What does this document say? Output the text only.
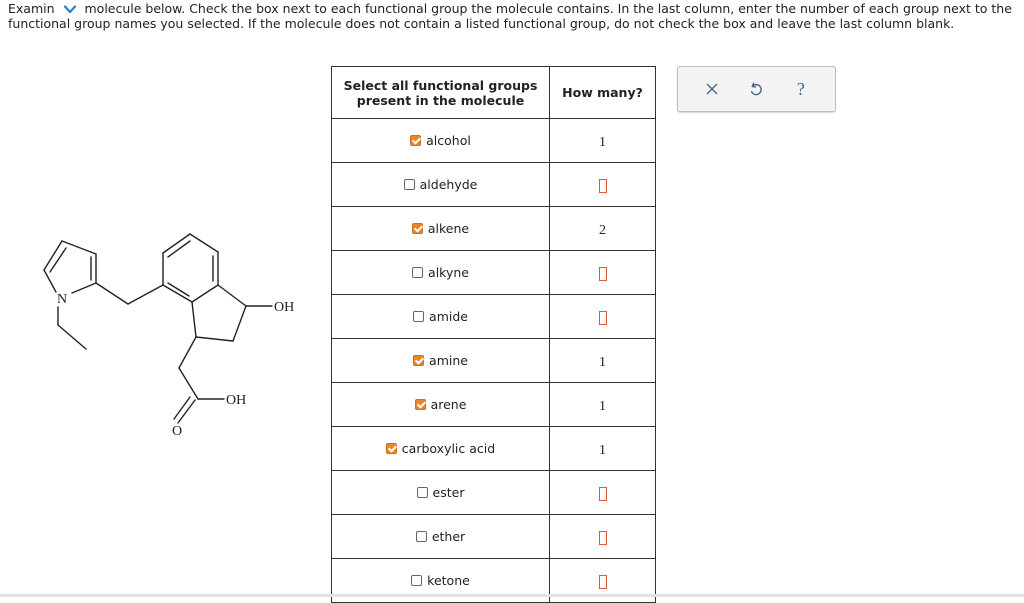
Examin molecule below. Check the box next to each functional group the molecule contains. In the last column, enter the number of each group next to the
functional group names you selected. If the molecule does not contain a listed functional group, do not check the box and leave the last column blank.
N
OH
OH
O
Select all functional groups
present in the molecule	How many?

alcohol	1

aldehyde	

alkene	2

alkyne	

amide	

amine	1

arene	1

carboxylic acid	1

ester	

ether	

ketone	

?
